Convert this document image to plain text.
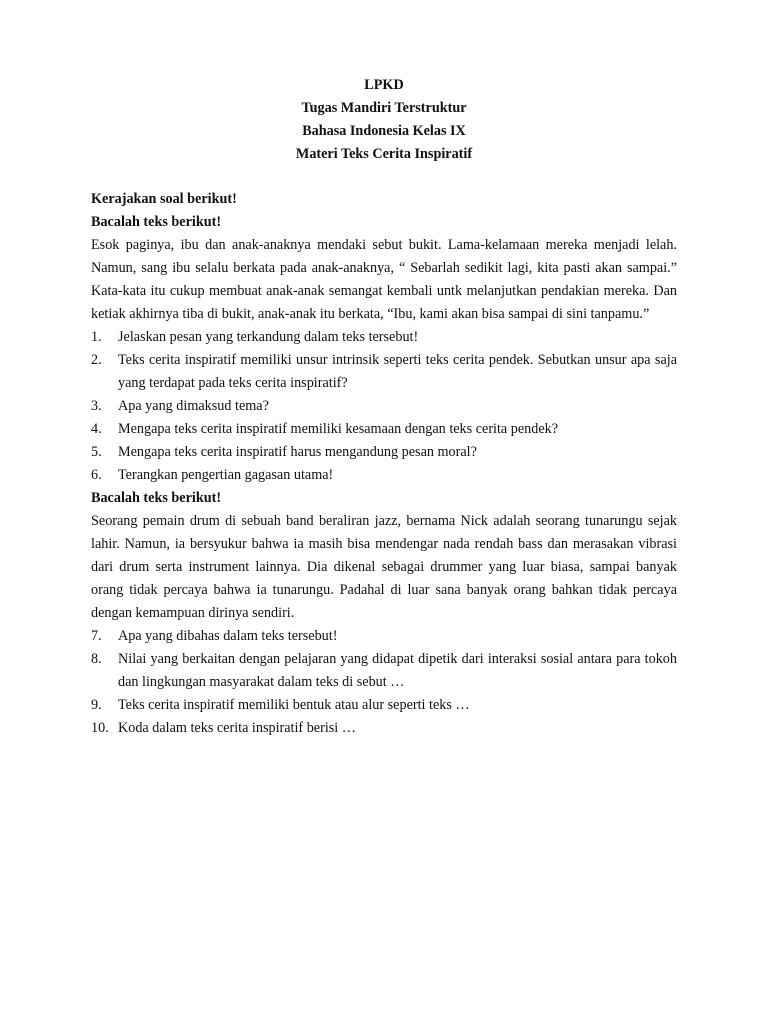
LPKD

Tugas Mandiri Terstruktur

Bahasa Indonesia Kelas IX

Materi Teks Cerita Inspiratif

Kerajakan soal berikut!

Bacalah teks berikut!

Esok paginya, ibu dan anak-anaknya mendaki sebut bukit. Lama-kelamaan mereka menjadi lelah. Namun, sang ibu selalu berkata pada anak-anaknya, “ Sebarlah sedikit lagi, kita pasti akan sampai.” Kata-kata itu cukup membuat anak-anak semangat kembali untk melanjutkan pendakian mereka. Dan ketiak akhirnya tiba di bukit, anak-anak itu berkata, “Ibu, kami akan bisa sampai di sini tanpamu.”

1. Jelaskan pesan yang terkandung dalam teks tersebut!
2. Teks cerita inspiratif memiliki unsur intrinsik seperti teks cerita pendek. Sebutkan unsur apa saja yang terdapat pada teks cerita inspiratif?
3. Apa yang dimaksud tema?
4. Mengapa teks cerita inspiratif memiliki kesamaan dengan teks cerita pendek?
5. Mengapa teks cerita inspiratif harus mengandung pesan moral?
6. Terangkan pengertian gagasan utama!

Bacalah teks berikut!

Seorang pemain drum di sebuah band beraliran jazz, bernama Nick adalah seorang tunarungu sejak lahir. Namun, ia bersyukur bahwa ia masih bisa mendengar nada rendah bass dan merasakan vibrasi dari drum serta instrument lainnya. Dia dikenal sebagai drummer yang luar biasa, sampai banyak orang tidak percaya bahwa ia tunarungu. Padahal di luar sana banyak orang bahkan tidak percaya dengan kemampuan dirinya sendiri.

7. Apa yang dibahas dalam teks tersebut!
8. Nilai yang berkaitan dengan pelajaran yang didapat dipetik dari interaksi sosial antara para tokoh dan lingkungan masyarakat dalam teks di sebut …
9. Teks cerita inspiratif memiliki bentuk atau alur seperti teks …
10. Koda dalam teks cerita inspiratif berisi …
